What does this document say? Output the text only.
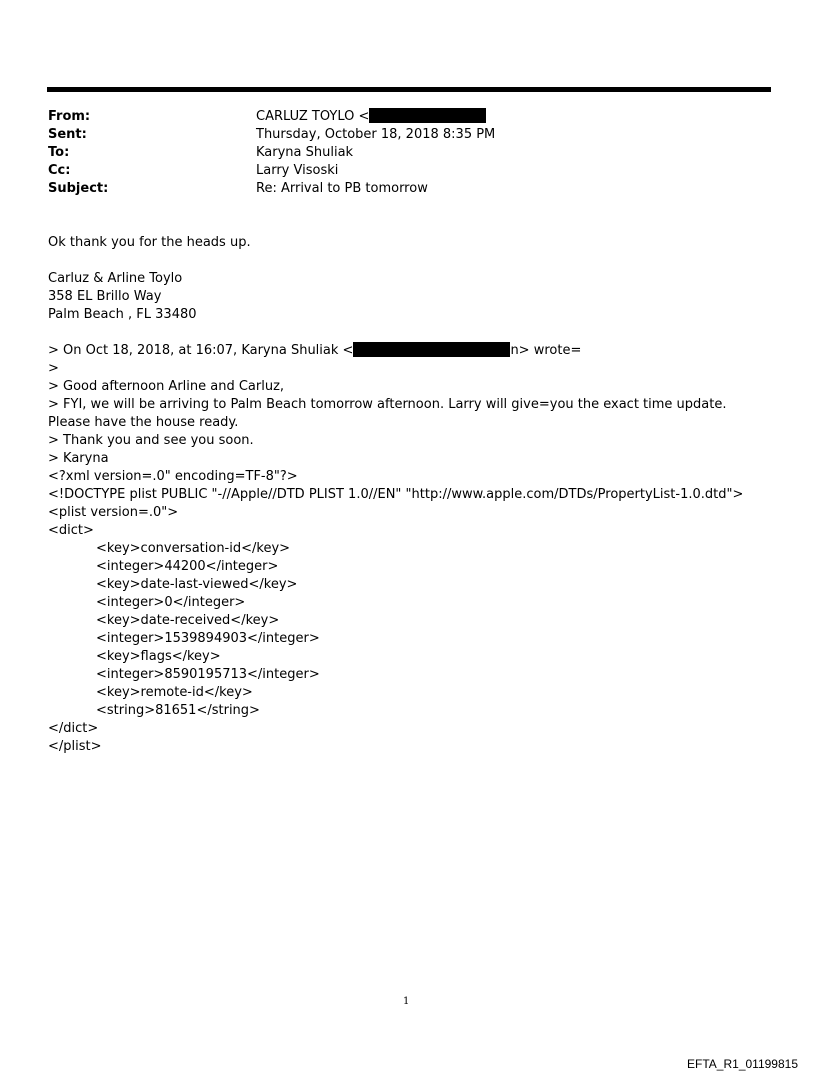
From:	CARLUZ TOYLO <
Sent:	Thursday, October 18, 2018 8:35 PM
To:	Karyna Shuliak
Cc:	Larry Visoski
Subject:	Re: Arrival to PB tomorrow
Ok thank you for the heads up.
Carluz & Arline Toylo
358 EL Brillo Way
Palm Beach , FL 33480
> On Oct 18, 2018, at 16:07, Karyna Shuliak <	n> wrote=
>
> Good afternoon Arline and Carluz,
> FYI, we will be arriving to Palm Beach tomorrow afternoon. Larry will give=you the exact time update. Please have the house ready.
> Thank you and see you soon.
> Karyna
<?xml version=.0" encoding=TF-8"?>
<!DOCTYPE plist PUBLIC "-//Apple//DTD PLIST 1.0//EN" "http://www.apple.com/DTDs/PropertyList-1.0.dtd">
<plist version=.0">
<dict>
<key>conversation-id</key>
<integer>44200</integer>
<key>date-last-viewed</key>
<integer>0</integer>
<key>date-received</key>
<integer>1539894903</integer>
<key>flags</key>
<integer>8590195713</integer>
<key>remote-id</key>
<string>81651</string>
</dict>
</plist>
1
EFTA_R1_01199815
